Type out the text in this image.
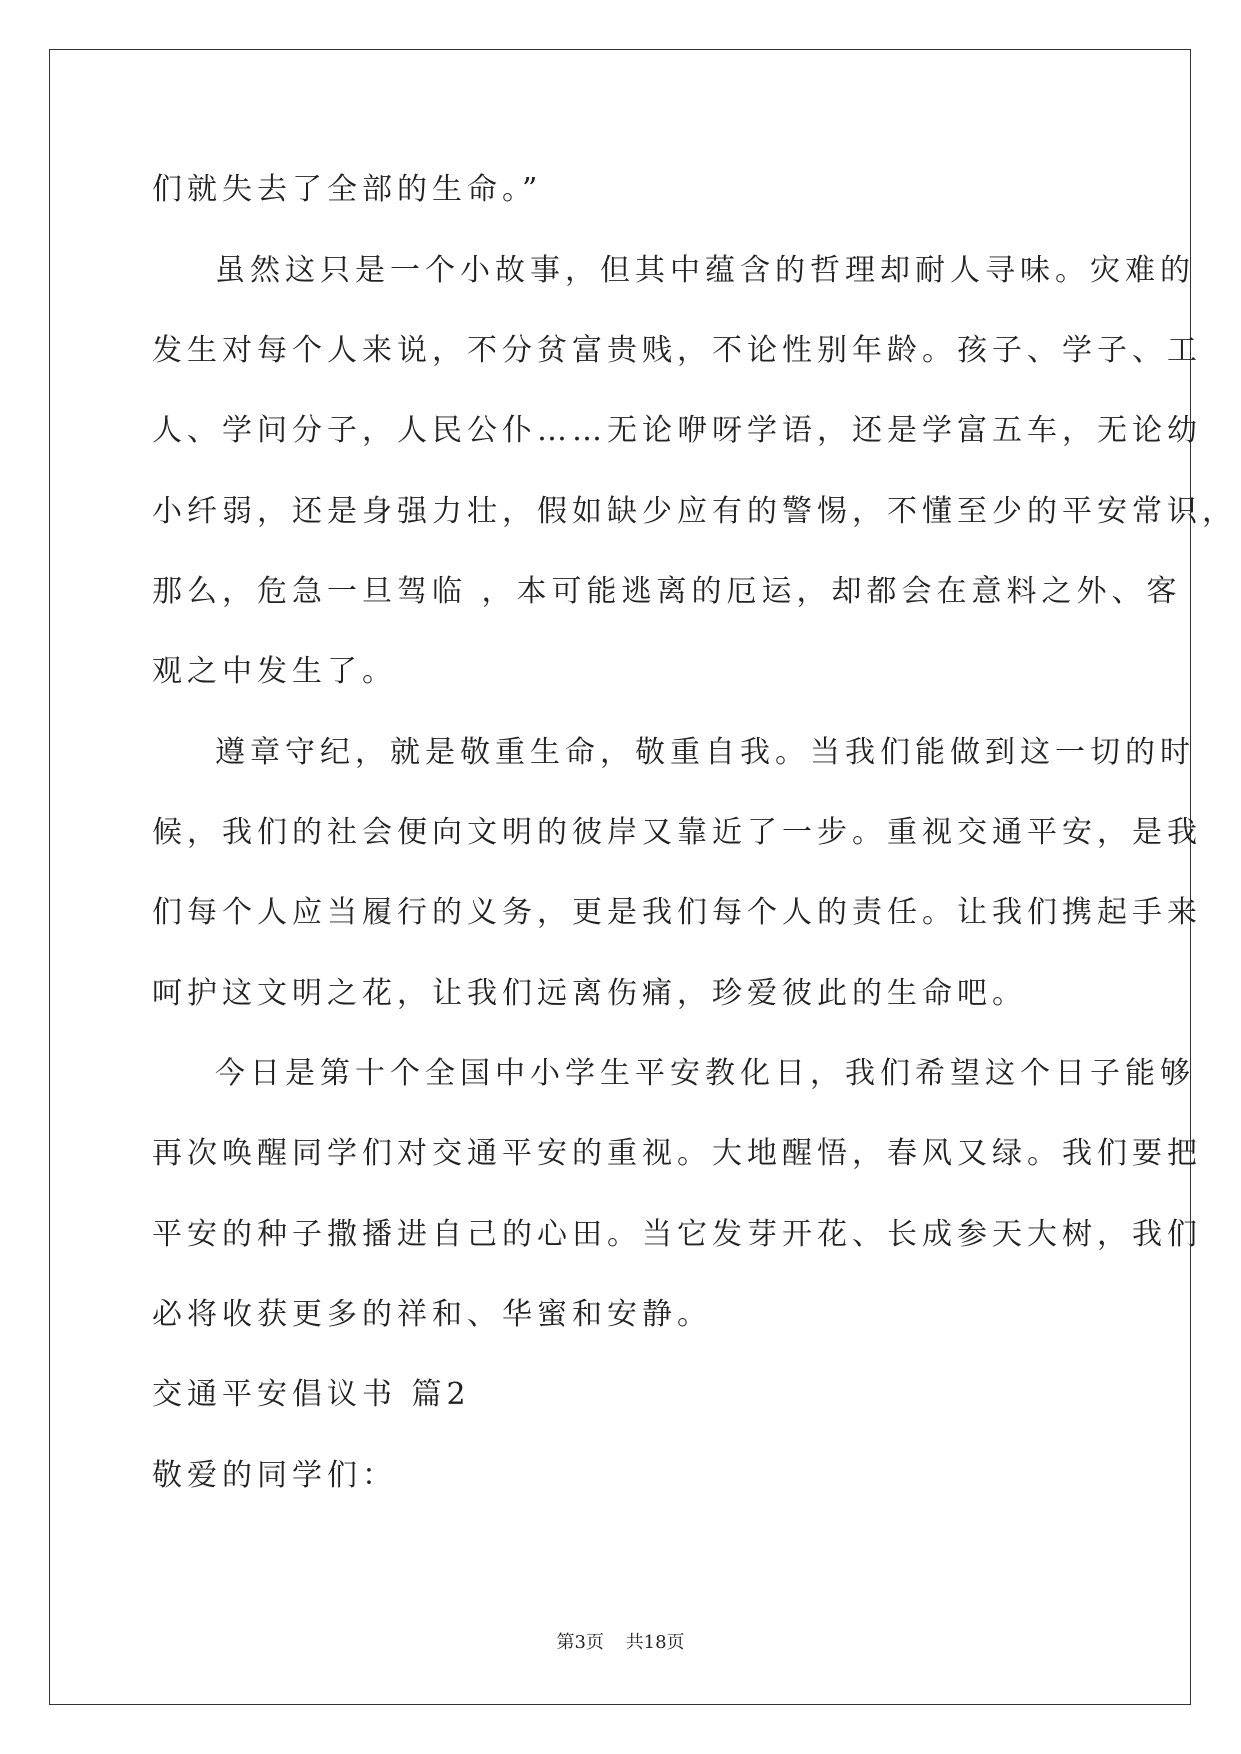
们就失去了全部的生命。”
虽然这只是一个小故事，但其中蕴含的哲理却耐人寻味。灾难的
发生对每个人来说，不分贫富贵贱，不论性别年龄。孩子、学子、工
人、学问分子，人民公仆……无论咿呀学语，还是学富五车，无论幼
小纤弱，还是身强力壮，假如缺少应有的警惕，不懂至少的平安常识，
那么，危急一旦驾临 ，本可能逃离的厄运，却都会在意料之外、客
观之中发生了。
遵章守纪，就是敬重生命，敬重自我。当我们能做到这一切的时
候，我们的社会便向文明的彼岸又靠近了一步。重视交通平安，是我
们每个人应当履行的义务，更是我们每个人的责任。让我们携起手来
呵护这文明之花，让我们远离伤痛，珍爱彼此的生命吧。
今日是第十个全国中小学生平安教化日，我们希望这个日子能够
再次唤醒同学们对交通平安的重视。大地醒悟，春风又绿。我们要把
平安的种子撒播进自己的心田。当它发芽开花、长成参天大树，我们
必将收获更多的祥和、华蜜和安静。
交通平安倡议书 篇2
敬爱的同学们：
第3页 共18页
